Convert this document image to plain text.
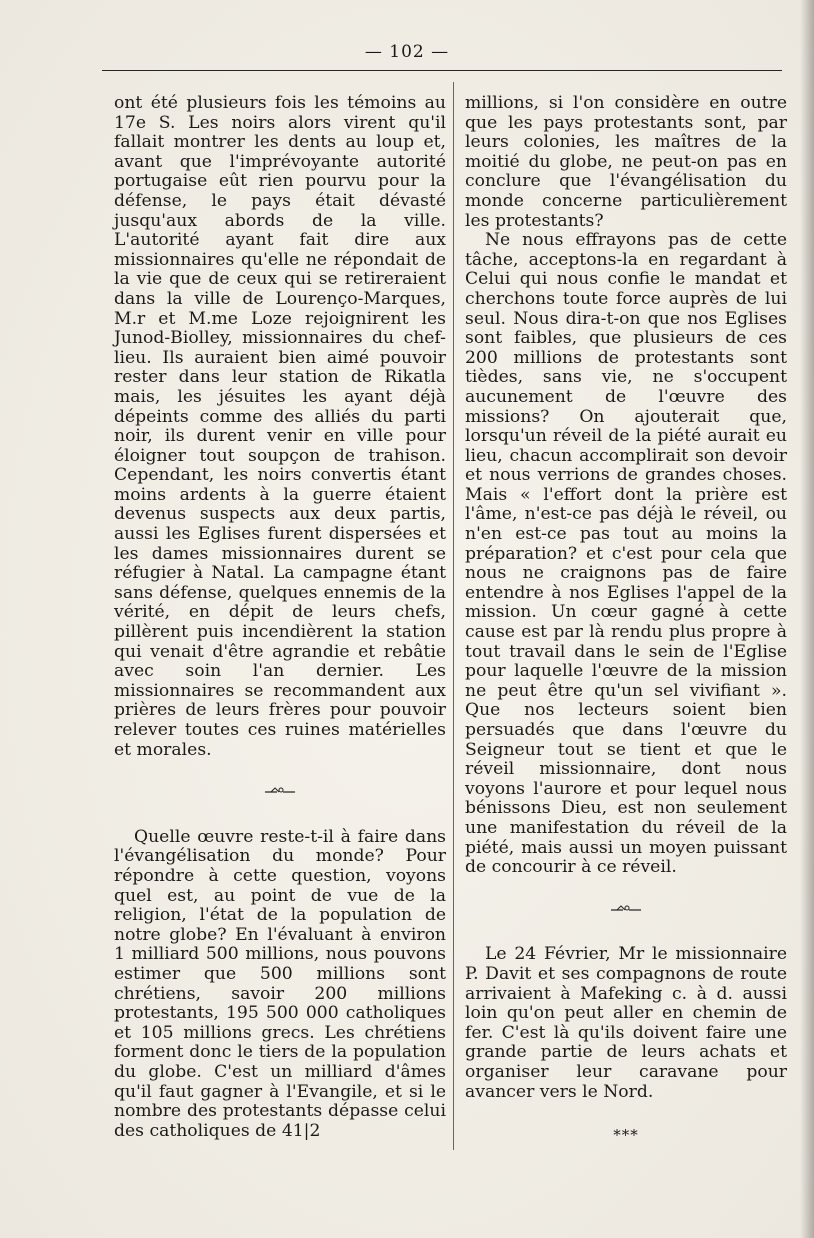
— 102 —

ont été plusieurs fois les témoins au 17e S. Les noirs alors virent qu'il fallait montrer les dents au loup et, avant que l'imprévoyante autorité portugaise eût rien pourvu pour la défense, le pays était dévasté jusqu'aux abords de la ville. L'autorité ayant fait dire aux missionnaires qu'elle ne répondait de la vie que de ceux qui se retireraient dans la ville de Lourenço-Marques, M.r et M.me Loze rejoignirent les Junod-Biolley, missionnaires du chef-lieu. Ils auraient bien aimé pouvoir rester dans leur station de Rikatla mais, les jésuites les ayant déjà dépeints comme des alliés du parti noir, ils durent venir en ville pour éloigner tout soupçon de trahison. Cependant, les noirs convertis étant moins ardents à la guerre étaient devenus suspects aux deux partis, aussi les Eglises furent dispersées et les dames missionnaires durent se réfugier à Natal. La campagne étant sans défense, quelques ennemis de la vérité, en dépit de leurs chefs, pillèrent puis incendièrent la station qui venait d'être agrandie et rebâtie avec soin l'an dernier. Les missionnaires se recommandent aux prières de leurs frères pour pouvoir relever toutes ces ruines matérielles et morales.

Quelle œuvre reste-t-il à faire dans l'évangélisation du monde? Pour répondre à cette question, voyons quel est, au point de vue de la religion, l'état de la population de notre globe? En l'évaluant à environ 1 milliard 500 millions, nous pouvons estimer que 500 millions sont chrétiens, savoir 200 millions protestants, 195 500 000 catholiques et 105 millions grecs. Les chrétiens forment donc le tiers de la population du globe. C'est un milliard d'âmes qu'il faut gagner à l'Evangile, et si le nombre des protestants dépasse celui des catholiques de 41|2

millions, si l'on considère en outre que les pays protestants sont, par leurs colonies, les maîtres de la moitié du globe, ne peut-on pas en conclure que l'évangélisation du monde concerne particulièrement les protestants?

Ne nous effrayons pas de cette tâche, acceptons-la en regardant à Celui qui nous confie le mandat et cherchons toute force auprès de lui seul. Nous dira-t-on que nos Eglises sont faibles, que plusieurs de ces 200 millions de protestants sont tièdes, sans vie, ne s'occupent aucunement de l'œuvre des missions? On ajouterait que, lorsqu'un réveil de la piété aurait eu lieu, chacun accomplirait son devoir et nous verrions de grandes choses. Mais « l'effort dont la prière est l'âme, n'est-ce pas déjà le réveil, ou n'en est-ce pas tout au moins la préparation? et c'est pour cela que nous ne craignons pas de faire entendre à nos Eglises l'appel de la mission. Un cœur gagné à cette cause est par là rendu plus propre à tout travail dans le sein de l'Eglise pour laquelle l'œuvre de la mission ne peut être qu'un sel vivifiant ». Que nos lecteurs soient bien persuadés que dans l'œuvre du Seigneur tout se tient et que le réveil missionnaire, dont nous voyons l'aurore et pour lequel nous bénissons Dieu, est non seulement une manifestation du réveil de la piété, mais aussi un moyen puissant de concourir à ce réveil.

Le 24 Février, Mr le missionnaire P. Davit et ses compagnons de route arrivaient à Mafeking c. à d. aussi loin qu'on peut aller en chemin de fer. C'est là qu'ils doivent faire une grande partie de leurs achats et organiser leur caravane pour avancer vers le Nord.

***
